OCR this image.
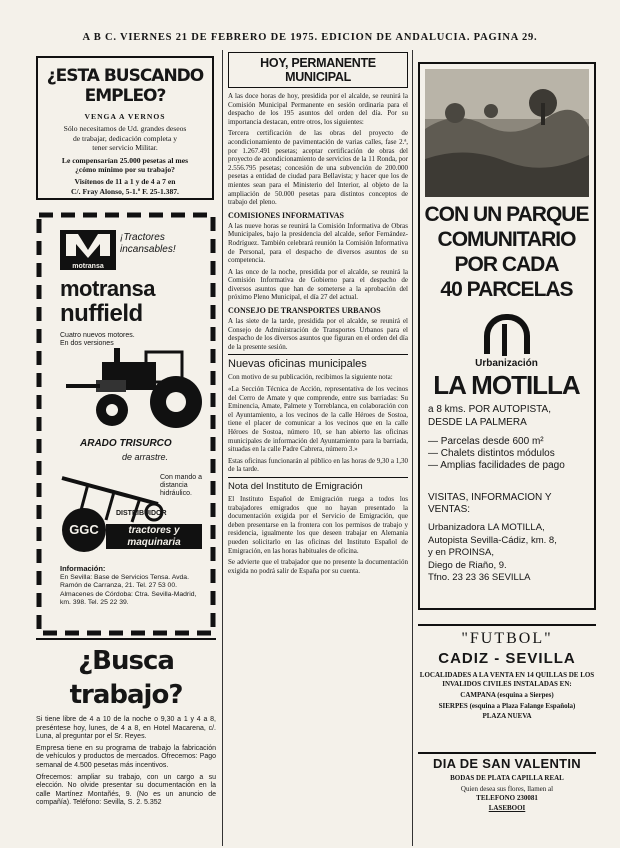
A B C. VIERNES 21 DE FEBRERO DE 1975. EDICION DE ANDALUCIA. PAGINA 29.
¿ESTA BUSCANDO EMPLEO?
VENGA A VERNOS
Sólo necesitamos de Ud. grandes deseos
de trabajar, dedicación completa y
tener servicio Militar.
Le compensarían 25.000 pesetas al mes
¿cómo mínimo por su trabajo?
Visítenos de 11 a 1 y de 4 a 7 en
C/. Fray Alonso, 5-1.º F. 25-1.387.
motransa
¡Tractores incansables!
motransa
nuffield
Cuatro nuevos motores. En dos versiones
ARADO TRISURCO
de arrastre.
Con mando a distancia hidráulico.
GGC
DISTRIBUIDOR
tractores y maquinaria
Información:
En Sevilla: Base de Servicios Tensa. Avda. Ramón de Carranza, 21. Tel. 27 53 00. Almacenes de Córdoba: Ctra. Sevilla-Madrid, km. 398. Tel. 25 22 39.
¿Busca trabajo?

Si tiene libre de 4 a 10 de la noche o 9,30 a 1 y 4 a 8, preséntese hoy, lunes, de 4 a 8, en Hotel Macarena, c/. Luna, al preguntar por el Sr. Reyes.

Empresa tiene en su programa de trabajo la fabricación de vehículos y productos de mercados. Ofrecemos: Pago semanal de 4.500 pesetas más incentivos.

Ofrecemos: ampliar su trabajo, con un cargo a su elección. No olvide presentar su documentación en la calle Martínez Montañés, 9. (No es un anuncio de compañía). Teléfono: Sevilla, S. 2. 5.352

HOY, PERMANENTE MUNICIPAL

A las doce horas de hoy, presidida por el alcalde, se reunirá la Comisión Municipal Permanente en sesión ordinaria para el despacho de los 195 asuntos del orden del día. Por su importancia destacan, entre otros, los siguientes:

Tercera certificación de las obras del proyecto de acondicionamiento de pavimentación de varias calles, fase 2.ª, por 1.267.491 pesetas; aceptar certificación de obras del proyecto de acondicionamiento de servicios de la 11 Ronda, por 2.556.795 pesetas; concesión de una subvención de 200.000 pesetas a entidad de ciudad para Bellavista; y hacer que los de mientes sean para el Ministerio del Interior, al objeto de la ampliación de 50.000 pesetas para distintos conceptos de trabajo del pleno.

COMISIONES INFORMATIVAS

A las nueve horas se reunirá la Comisión Informativa de Obras Municipales, bajo la presidencia del alcalde, señor Fernández-Rodríguez. También celebrará reunión la Comisión Informativa de Personal, para el despacho de diversos asuntos de su competencia.

A las once de la noche, presidida por el alcalde, se reunirá la Comisión Informativa de Gobierno para el despacho de diversos asuntos que han de someterse a la aprobación del próximo Pleno Municipal, el día 27 del actual.

CONSEJO DE TRANSPORTES URBANOS

A las siete de la tarde, presidida por el alcalde, se reunirá el Consejo de Administración de Transportes Urbanos para el despacho de los diversos asuntos que figuran en el orden del día de la presente sesión.

Nuevas oficinas municipales

Con motivo de su publicación, recibimos la siguiente nota:

«La Sección Técnica de Acción, representativa de los vecinos del Cerro de Amate y que comprende, entre sus barriadas: Su Eminencia, Amate, Palmete y Torreblanca, en colaboración con el Ayuntamiento, a los vecinos de la calle Héroes de Sostoa, tiene el placer de comunicar a los vecinos que en la calle Héroes de Sostoa, número 10, se han abierto las oficinas municipales de información del Ayuntamiento para la barriada, situadas en la calle Padre Cabrera, número 3.»

Estas oficinas funcionarán al público en las horas de 9,30 a 1,30 de la tarde.

Nota del Instituto de Emigración

El Instituto Español de Emigración ruega a todos los trabajadores emigrados que no hayan presentado la documentación exigida por el Servicio de Emigración, que deben presentarse en la frontera con los permisos de trabajo y residencia, igualmente los que deseen trabajar en Alemania pueden solicitarlo en las oficinas del Instituto Español de Emigración, en las horas habituales de oficina.

Se advierte que el trabajador que no presente la documentación exigida no podrá salir de España por su cuenta.

CON UN PARQUE
COMUNITARIO
POR CADA
40 PARCELAS
Urbanización
LA MOTILLA
a 8 kms. POR AUTOPISTA,
DESDE LA PALMERA
— Parcelas desde 600 m²
— Chalets distintos módulos
— Amplias facilidades de pago
VISITAS, INFORMACION Y VENTAS:
Urbanizadora LA MOTILLA,
Autopista Sevilla-Cádiz, km. 8,
y en PROINSA,
Diego de Riaño, 9.
Tfno. 23 23 36 SEVILLA
"FUTBOL"
CADIZ - SEVILLA
LOCALIDADES A LA VENTA EN 14 QUILLAS DE LOS INVALIDOS CIVILES INSTALADAS EN:
CAMPANA (esquina a Sierpes)
SIERPES (esquina a Plaza Falange Española)
PLAZA NUEVA
DIA DE SAN VALENTIN
BODAS DE PLATA CAPILLA REAL
Quien desea sus flores, llamen al
TELEFONO 230081
LASEBOOI
